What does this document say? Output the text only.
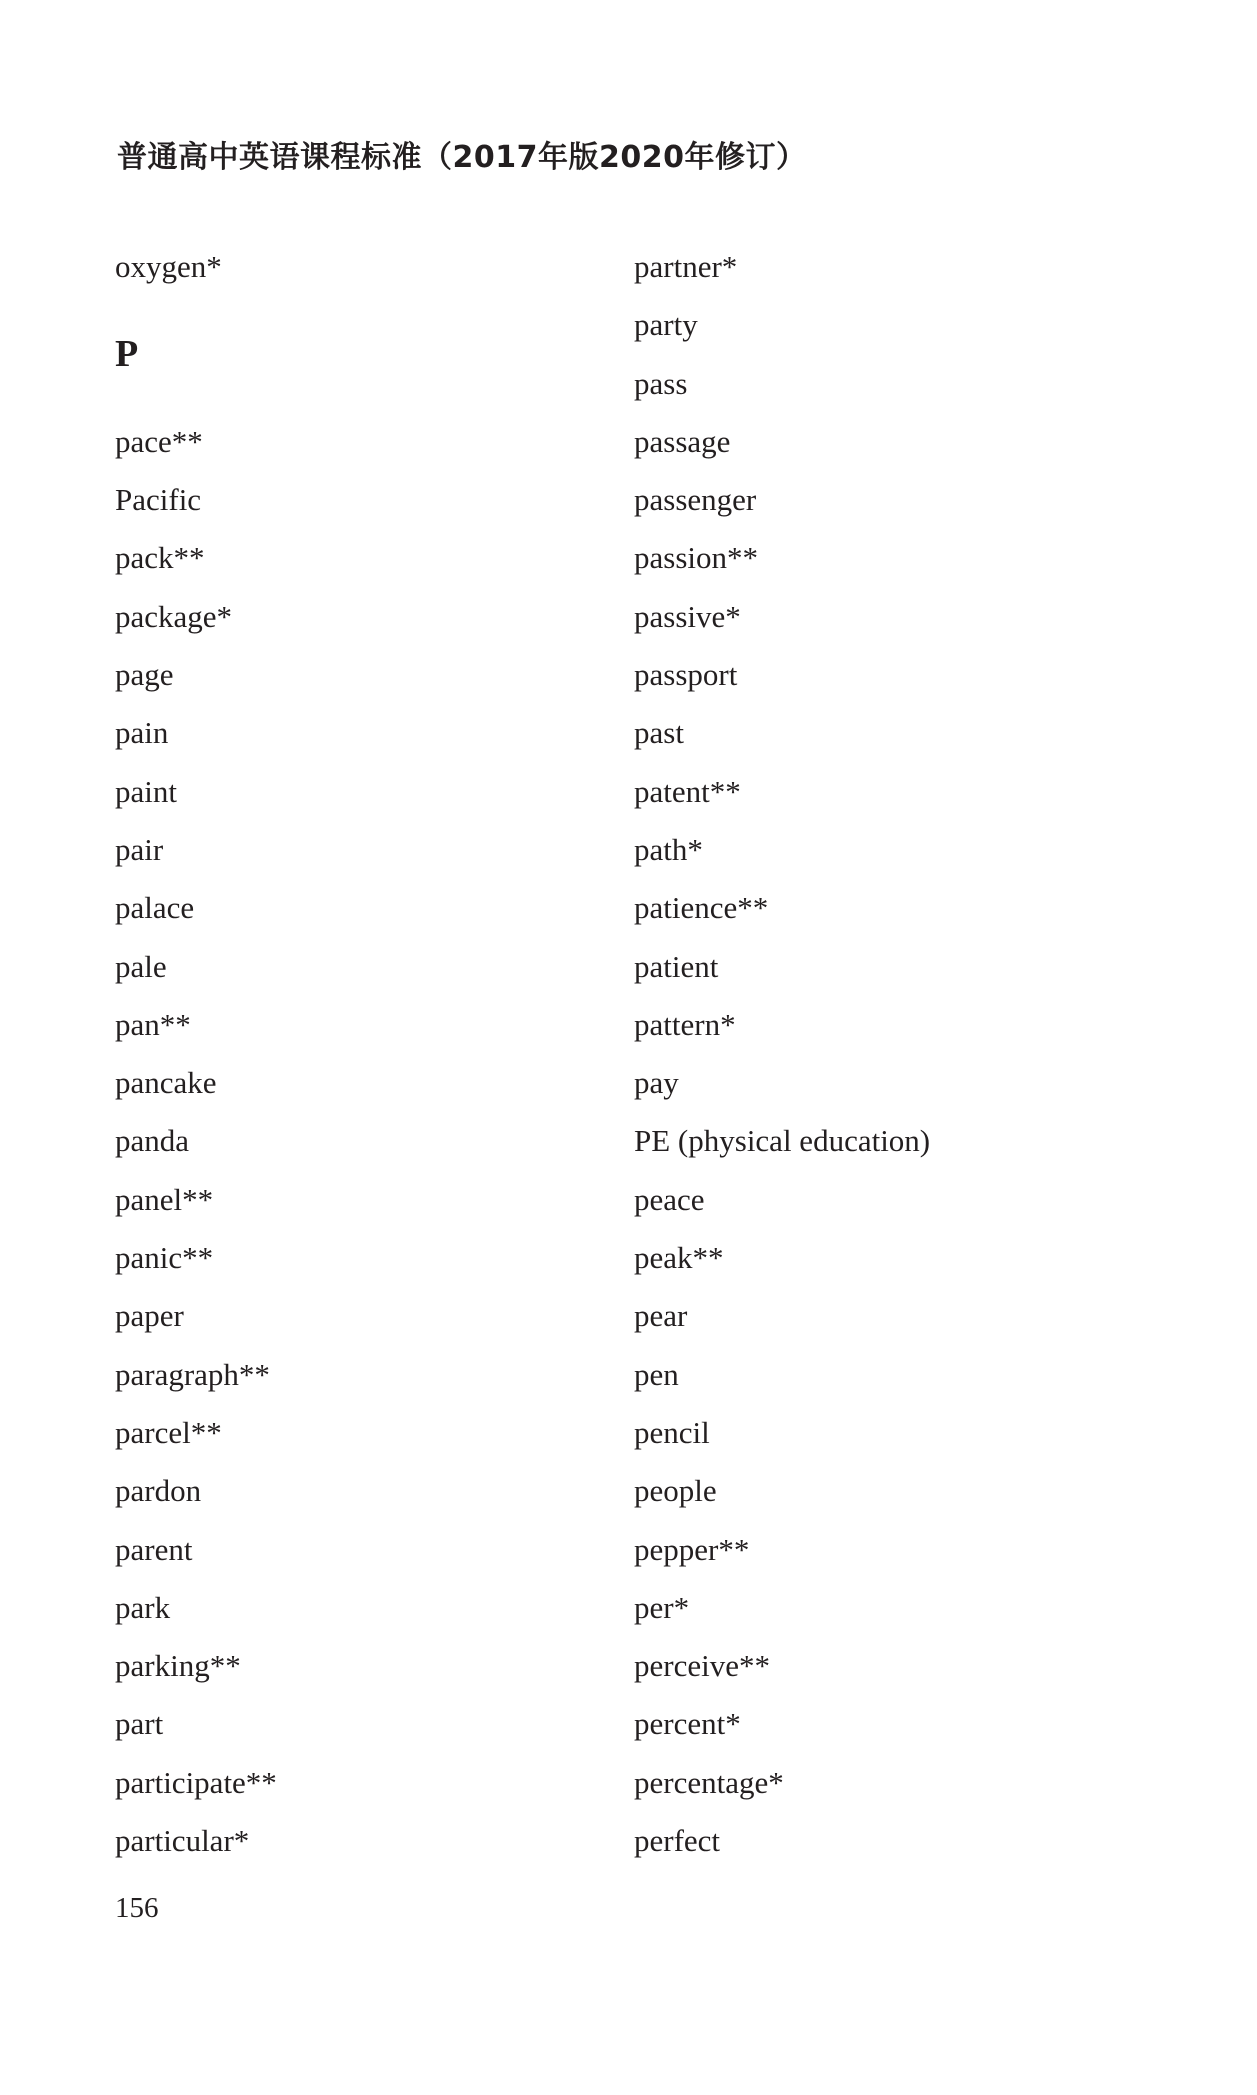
普通高中英语课程标准（2017年版2020年修订）
oxygen*
P
pace**
Pacific
pack**
package*
page
pain
paint
pair
palace
pale
pan**
pancake
panda
panel**
panic**
paper
paragraph**
parcel**
pardon
parent
park
parking**
part
participate**
particular*
partner*
party
pass
passage
passenger
passion**
passive*
passport
past
patent**
path*
patience**
patient
pattern*
pay
PE (physical education)
peace
peak**
pear
pen
pencil
people
pepper**
per*
perceive**
percent*
percentage*
perfect
156
